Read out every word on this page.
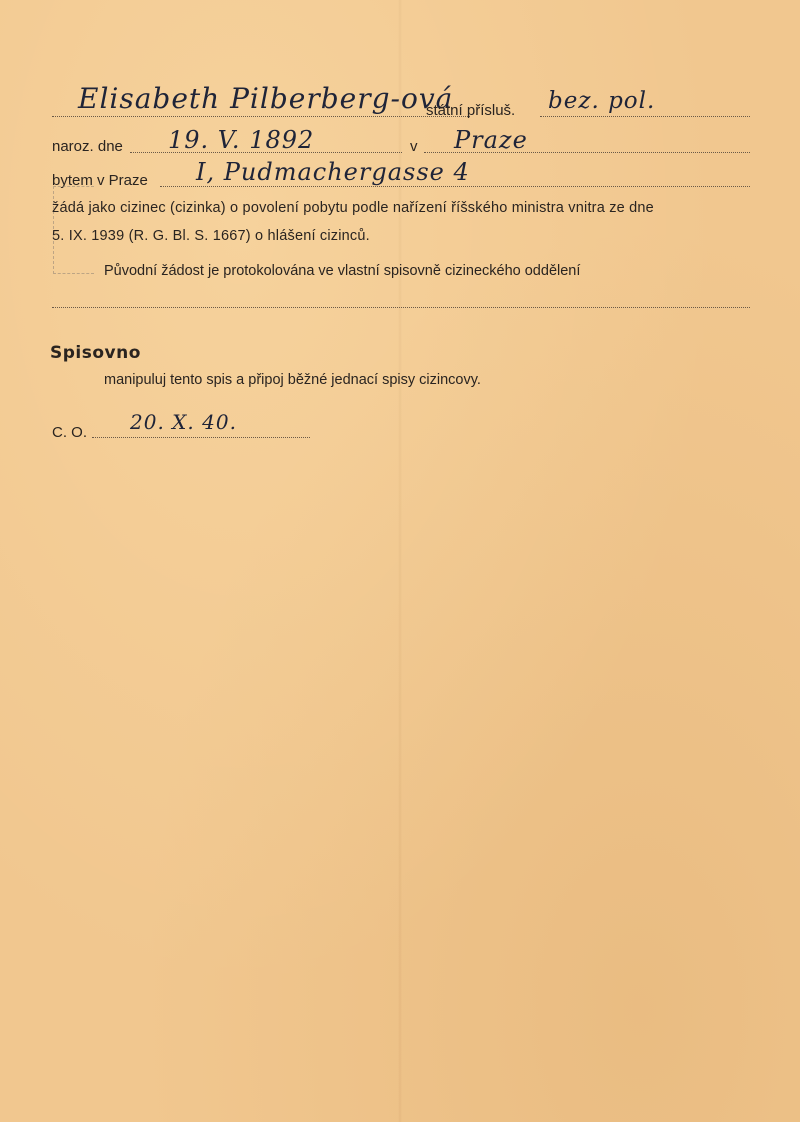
Elisabeth Pilberberg-ová
státní přísluš. bez. pol.
naroz. dne 19. V. 1892	v Praze
bytem v Praze I, Pudmachergasse 4
žádá jako cizinec (cizinka) o povolení pobytu podle nařízení říšského ministra vnitra ze dne
5. IX. 1939 (R. G. Bl. S. 1667) o hlášení cizinců.
Původní žádost je protokolována ve vlastní spisovně cizineckého oddělení
Spisovno
manipuluj tento spis a připoj běžné jednací spisy cizincovy.
C. O. 20. X. 40.
